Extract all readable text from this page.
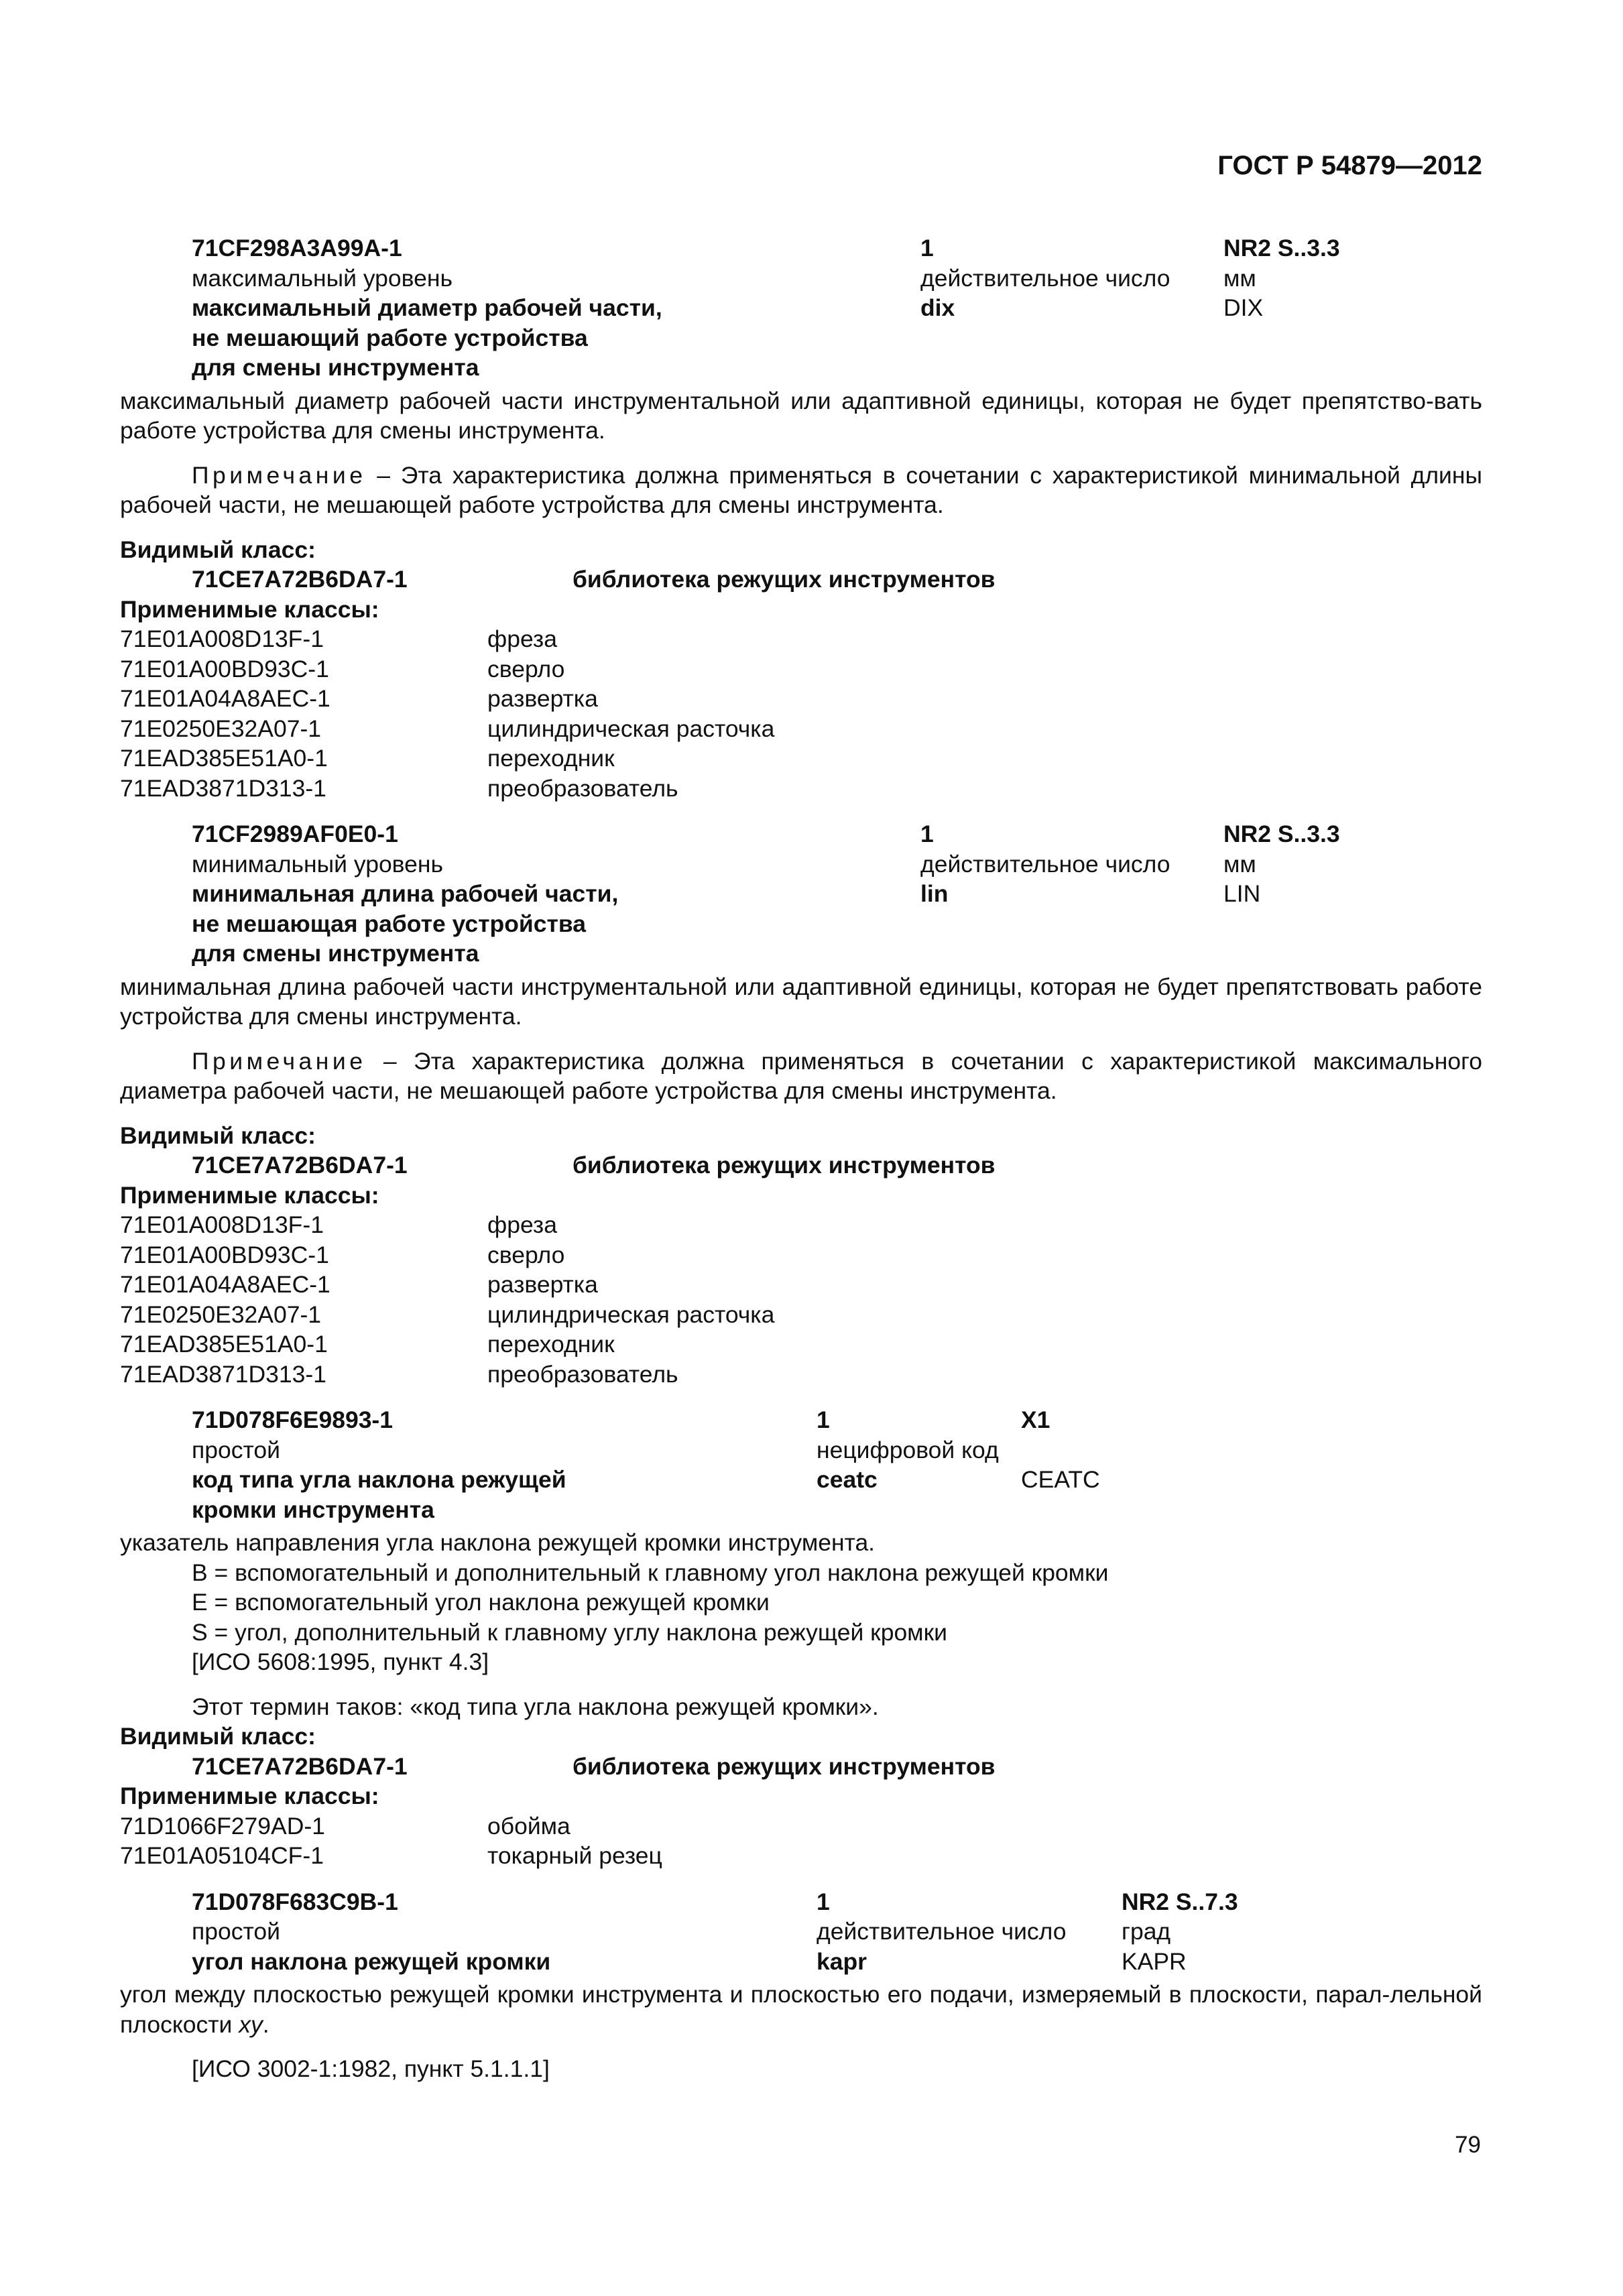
ГОСТ Р 54879—2012
71CF298A3A99A-1	1	NR2 S..3.3
максимальный уровень	действительное число	мм
максимальный диаметр рабочей части,	dix	DIX
не мешающий работе устройства
для смены инструмента

максимальный диаметр рабочей части инструментальной или адаптивной единицы, которая не будет препятство-вать работе устройства для смены инструмента.

Примечание – Эта характеристика должна применяться в сочетании с характеристикой минимальной длины рабочей части, не мешающей работе устройства для смены инструмента.

Видимый класс:
71CE7A72B6DA7-1	библиотека режущих инструментов
Применимые классы:
71E01A008D13F-1	фреза
71E01A00BD93C-1	сверло
71E01A04A8AEC-1	развертка
71E0250E32A07-1	цилиндрическая расточка
71EAD385E51A0-1	переходник
71EAD3871D313-1	преобразователь
71CF2989AF0E0-1	1	NR2 S..3.3
минимальный уровень	действительное число	мм
минимальная длина рабочей части,	lin	LIN
не мешающая работе устройства
для смены инструмента

минимальная длина рабочей части инструментальной или адаптивной единицы, которая не будет препятствовать работе устройства для смены инструмента.

Примечание – Эта характеристика должна применяться в сочетании с характеристикой максимального диаметра рабочей части, не мешающей работе устройства для смены инструмента.

Видимый класс:
71CE7A72B6DA7-1	библиотека режущих инструментов
Применимые классы:
71E01A008D13F-1	фреза
71E01A00BD93C-1	сверло
71E01A04A8AEC-1	развертка
71E0250E32A07-1	цилиндрическая расточка
71EAD385E51A0-1	переходник
71EAD3871D313-1	преобразователь
71D078F6E9893-1	1	X1
простой	нецифровой код
код типа угла наклона режущей	ceatc	CEATC
кромки инструмента

указатель направления угла наклона режущей кромки инструмента.

B = вспомогательный и дополнительный к главному угол наклона режущей кромки
E = вспомогательный угол наклона режущей кромки
S = угол, дополнительный к главному углу наклона режущей кромки
[ИСО 5608:1995, пункт 4.3]
Этот термин таков: «код типа угла наклона режущей кромки».
Видимый класс:
71CE7A72B6DA7-1	библиотека режущих инструментов
Применимые классы:
71D1066F279AD-1	обойма
71E01A05104CF-1	токарный резец
71D078F683C9B-1	1	NR2 S..7.3
простой	действительное число	град
угол наклона режущей кромки	kapr	KAPR

угол между плоскостью режущей кромки инструмента и плоскостью его подачи, измеряемый в плоскости, парал-лельной плоскости xy.

[ИСО 3002-1:1982, пункт 5.1.1.1]
79
